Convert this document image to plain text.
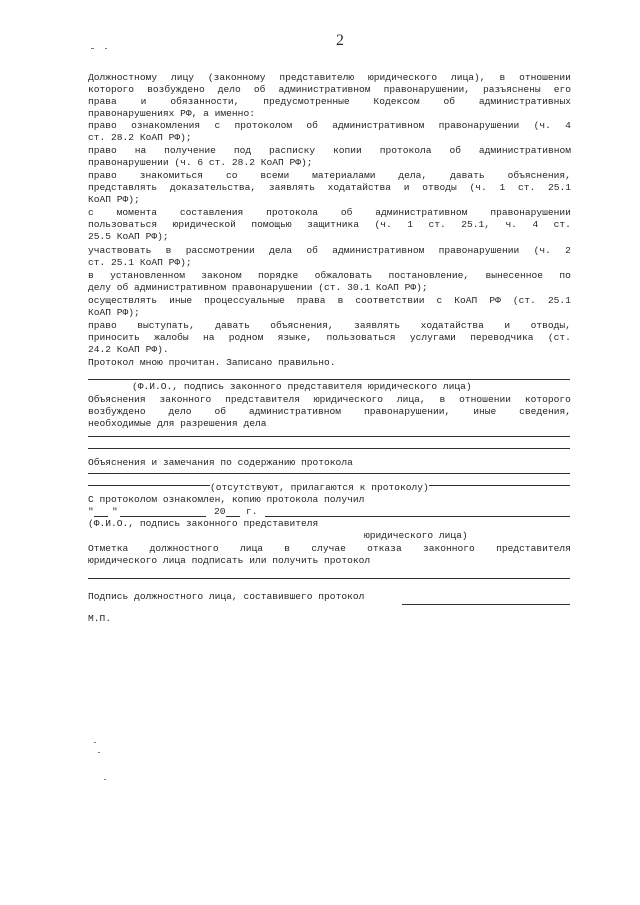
2
Должностному лицу (законному представителю юридического лица), в отношении
которого возбуждено дело об административном правонарушении, разъяснены его
права и обязанности, предусмотренные Кодексом об административных
правонарушениях РФ, а именно:
право ознакомления с протоколом об административном правонарушении (ч. 4
ст. 28.2 КоАП РФ);
право на получение под расписку копии протокола об административном
правонарушении (ч. 6 ст. 28.2 КоАП РФ);
право знакомиться со всеми материалами дела, давать объяснения,
представлять доказательства, заявлять ходатайства и отводы (ч. 1 ст. 25.1
КоАП РФ);
с момента составления протокола об административном правонарушении
пользоваться юридической помощью защитника (ч. 1 ст. 25.1, ч. 4 ст.
25.5 КоАП РФ);
участвовать в рассмотрении дела об административном правонарушении (ч. 2
ст. 25.1 КоАП РФ);
в установленном законом порядке обжаловать постановление, вынесенное по
делу об административном правонарушении (ст. 30.1 КоАП РФ);
осуществлять иные процессуальные права в соответствии с КоАП РФ (ст. 25.1
КоАП РФ);
право выступать, давать объяснения, заявлять ходатайства и отводы,
приносить жалобы на родном языке, пользоваться услугами переводчика (ст.
24.2 КоАП РФ).
Протокол мною прочитан. Записано правильно.
(Ф.И.О., подпись законного представителя юридического лица)
Объяснения законного представителя юридического лица, в отношении которого
возбуждено дело об административном правонарушении, иные сведения,
необходимые для разрешения дела
Объяснения и замечания по содержанию протокола
(отсутствуют, прилагаются к протоколу)
С протоколом ознакомлен, копию протокола получил
" "	20 г.
(Ф.И.О., подпись законного представителя
юридического лица)
Отметка должностного лица в случае отказа законного представителя
юридического лица подписать или получить протокол
Подпись должностного лица, составившего протокол
М.П.
